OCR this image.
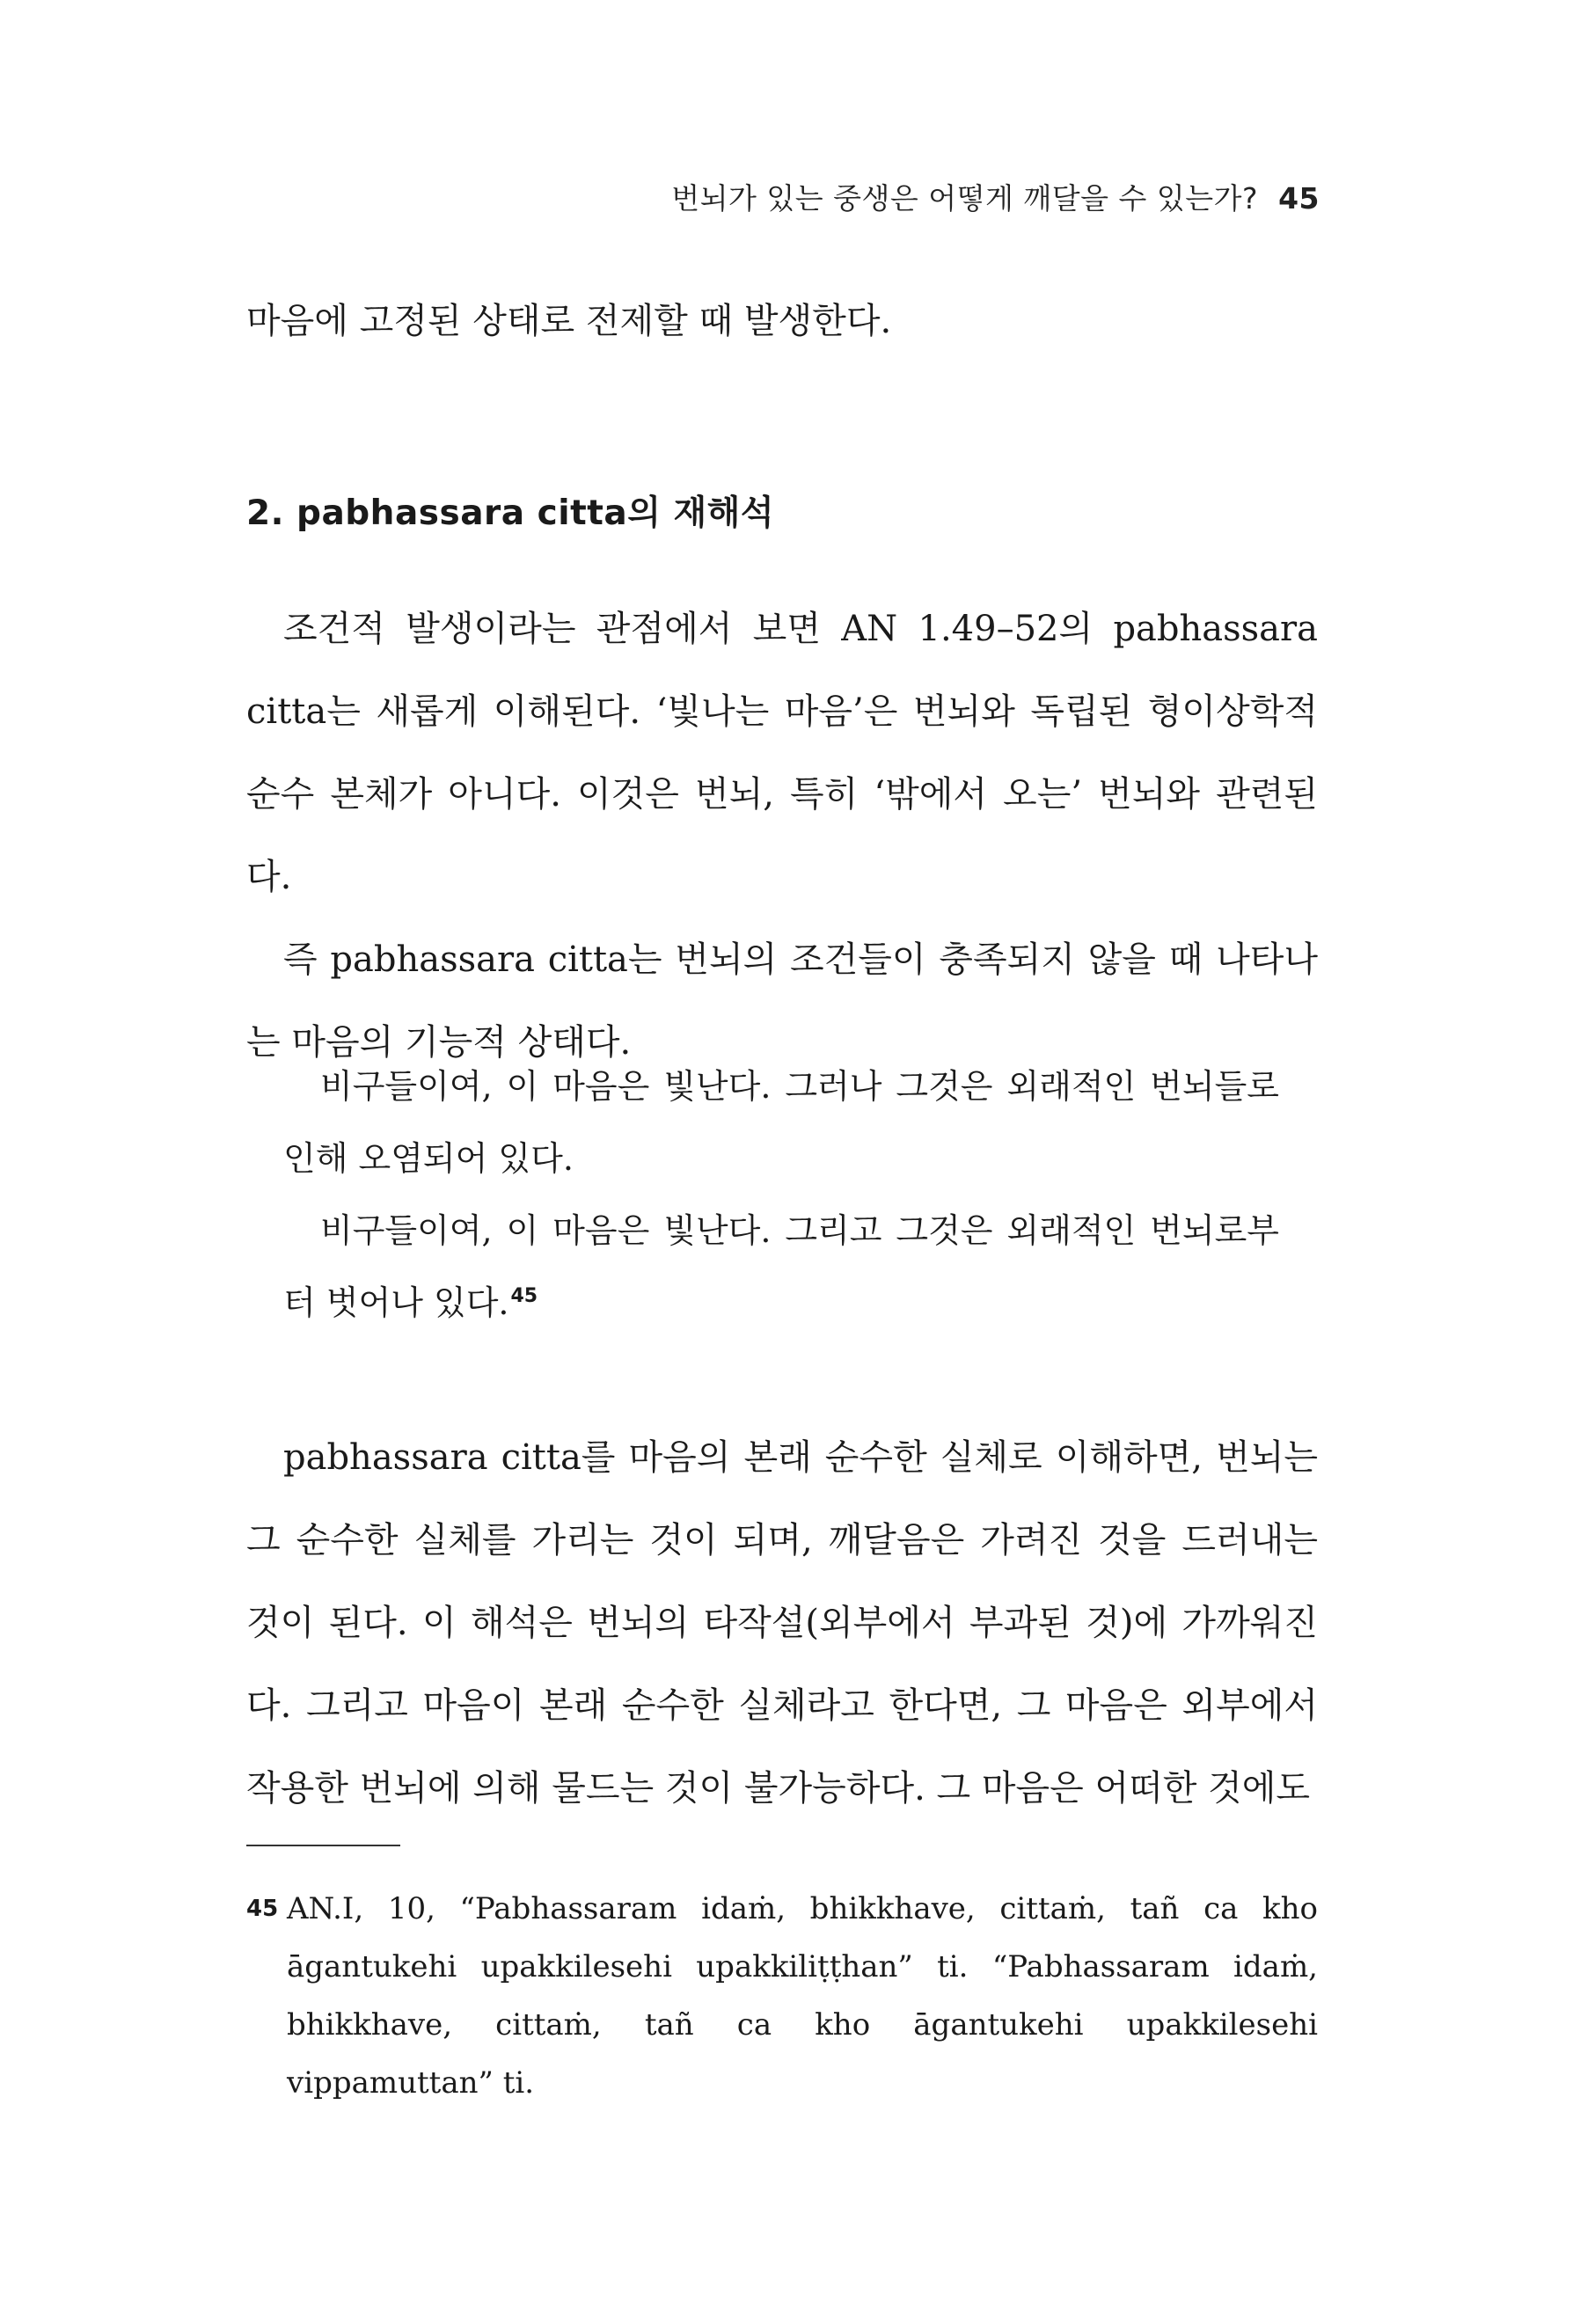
번뇌가 있는 중생은 어떻게 깨달을 수 있는가? 45

마음에 고정된 상태로 전제할 때 발생한다.

2. pabhassara citta의 재해석

조건적 발생이라는 관점에서 보면 AN 1.49–52의 pabhassara citta는 새롭게 이해된다. ‘빛나는 마음’은 번뇌와 독립된 형이상학적 순수 본체가 아니다. 이것은 번뇌, 특히 ‘밖에서 오는’ 번뇌와 관련된다.

즉 pabhassara citta는 번뇌의 조건들이 충족되지 않을 때 나타나는 마음의 기능적 상태다.

비구들이여, 이 마음은 빛난다. 그러나 그것은 외래적인 번뇌들로 인해 오염되어 있다.

비구들이여, 이 마음은 빛난다. 그리고 그것은 외래적인 번뇌로부터 벗어나 있다.$^{45}$

pabhassara citta를 마음의 본래 순수한 실체로 이해하면, 번뇌는 그 순수한 실체를 가리는 것이 되며, 깨달음은 가려진 것을 드러내는 것이 된다. 이 해석은 번뇌의 타작설(외부에서 부과된 것)에 가까워진다. 그리고 마음이 본래 순수한 실체라고 한다면, 그 마음은 외부에서 작용한 번뇌에 의해 물드는 것이 불가능하다. 그 마음은 어떠한 것에도

45 AN.I, 10, “Pabhassaram idaṁ, bhikkhave, cittaṁ, tañ ca kho āgantukehi upakkilesehi upakkiliṭṭhan” ti. “Pabhassaram idaṁ, bhikkhave, cittaṁ, tañ ca kho āgantukehi upakkilesehi vippamuttan” ti.
